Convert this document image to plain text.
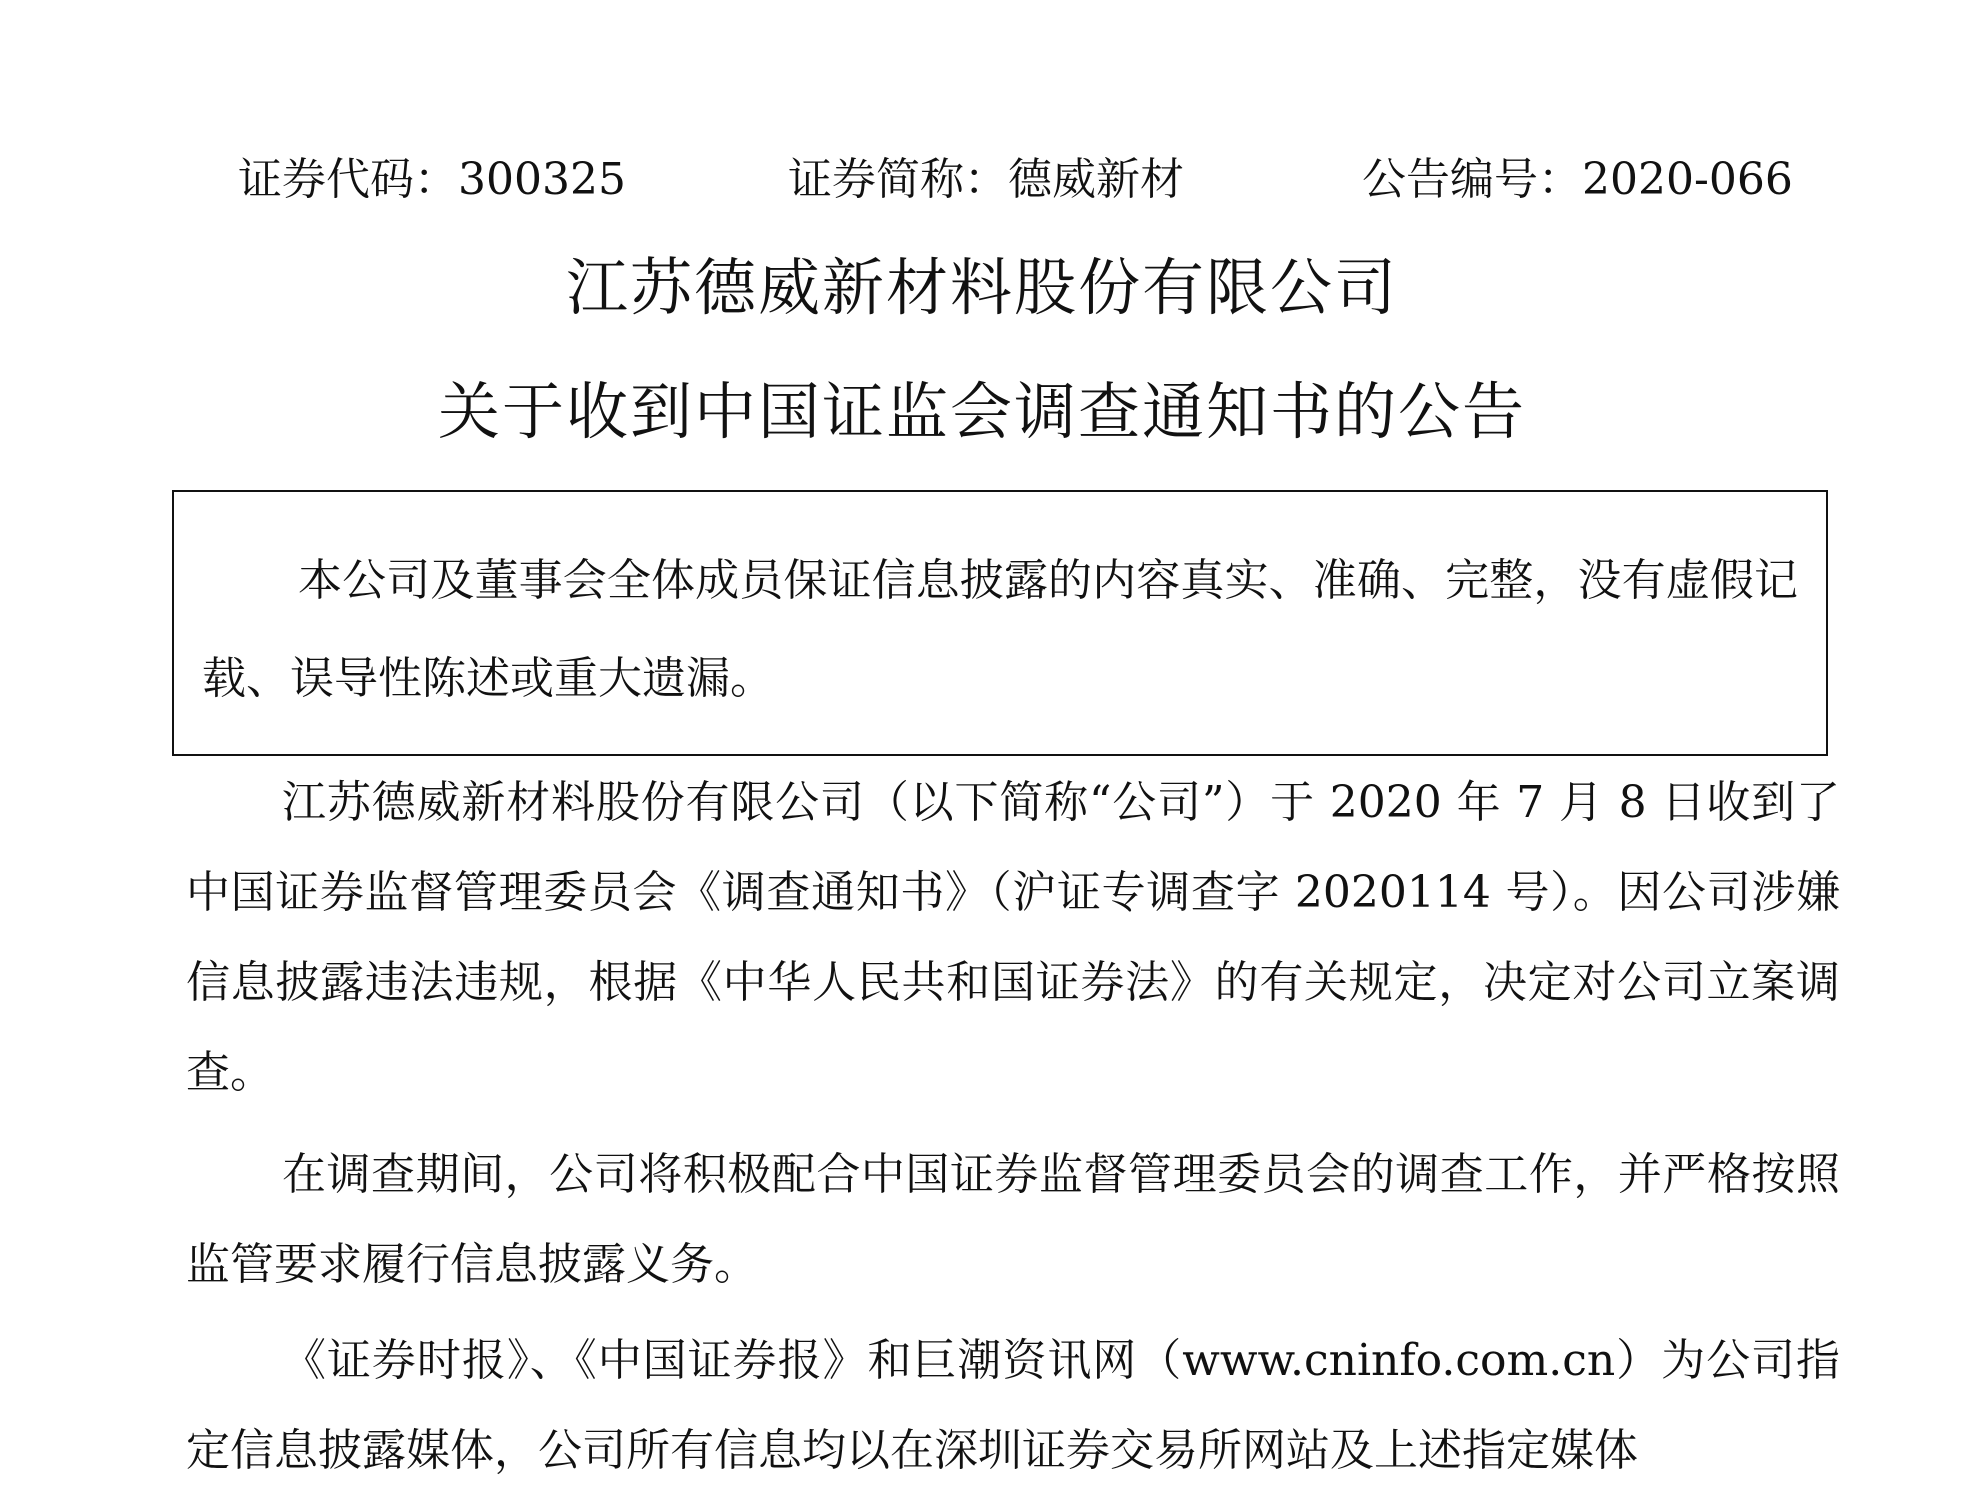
证券代码：300325	证券简称：德威新材	公告编号：2020-066
江苏德威新材料股份有限公司
关于收到中国证监会调查通知书的公告
本公司及董事会全体成员保证信息披露的内容真实、准确、完整，没有虚假记载、误导性陈述或重大遗漏。
江苏德威新材料股份有限公司（以下简称“公司”）于 2020 年 7 月 8 日收到了中国证券监督管理委员会《调查通知书》（沪证专调查字 2020114 号）。因公司涉嫌信息披露违法违规，根据《中华人民共和国证券法》的有关规定，决定对公司立案调查。
在调查期间，公司将积极配合中国证券监督管理委员会的调查工作，并严格按照监管要求履行信息披露义务。
《证券时报》、《中国证券报》和巨潮资讯网（www.cninfo.com.cn）为公司指定信息披露媒体，公司所有信息均以在深圳证券交易所网站及上述指定媒体
